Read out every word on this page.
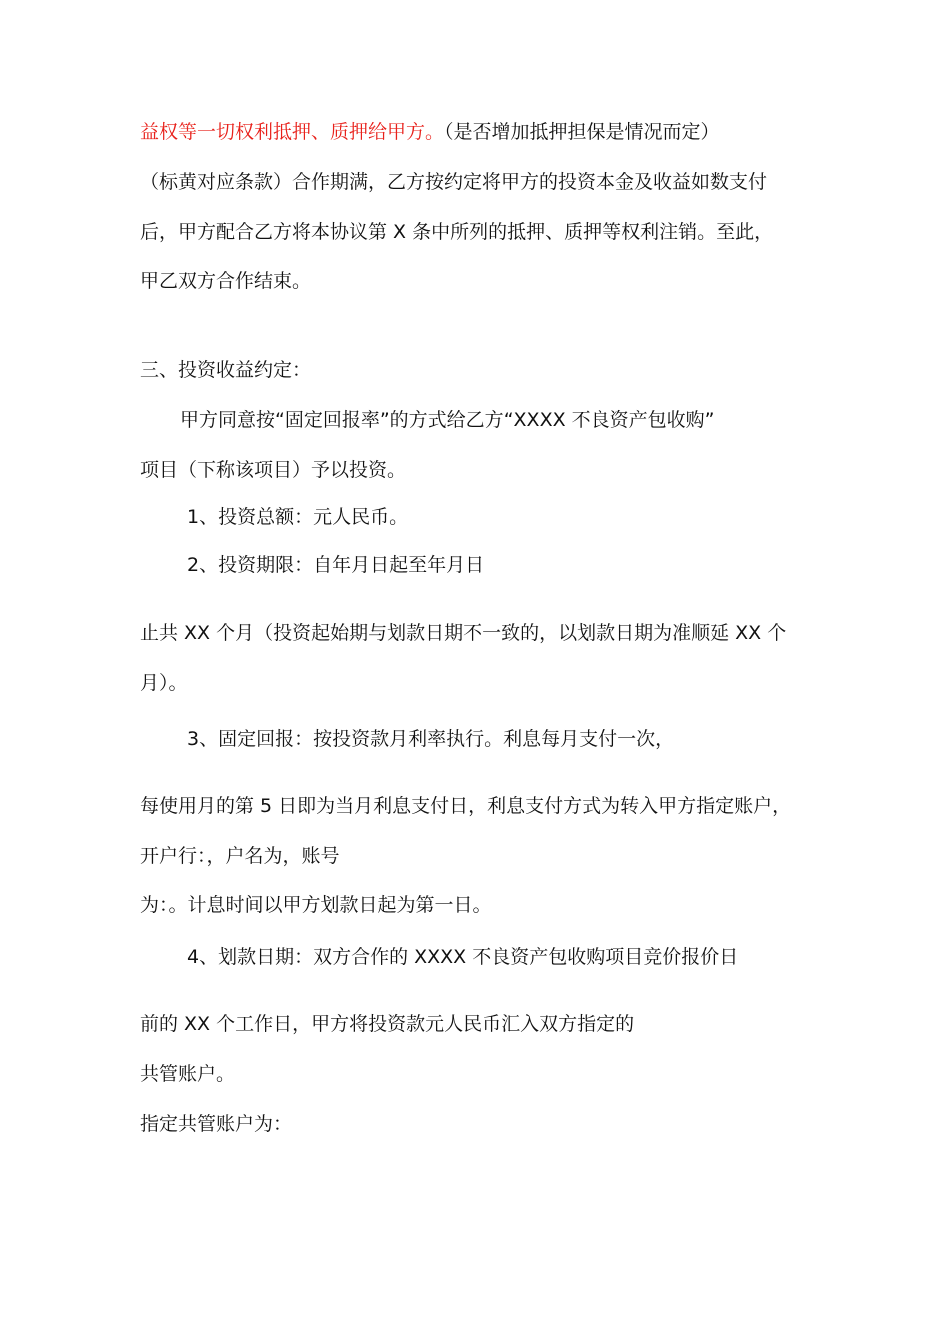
益权等一切权利抵押、质押给甲方。（是否增加抵押担保是情况而定）
（标黄对应条款）合作期满，乙方按约定将甲方的投资本金及收益如数支付
后，甲方配合乙方将本协议第 X 条中所列的抵押、质押等权利注销。至此，
甲乙双方合作结束。
三、投资收益约定：
甲方同意按“固定回报率”的方式给乙方“XXXX 不良资产包收购”
项目（下称该项目）予以投资。
1、投资总额：元人民币。
2、投资期限：自年月日起至年月日
止共 XX 个月（投资起始期与划款日期不一致的，以划款日期为准顺延 XX 个
月）。
3、固定回报：按投资款月利率执行。利息每月支付一次，
每使用月的第 5 日即为当月利息支付日，利息支付方式为转入甲方指定账户，
开户行：，户名为，账号
为：。计息时间以甲方划款日起为第一日。
4、划款日期：双方合作的 XXXX 不良资产包收购项目竞价报价日
前的 XX 个工作日，甲方将投资款元人民币汇入双方指定的
共管账户。
指定共管账户为：
